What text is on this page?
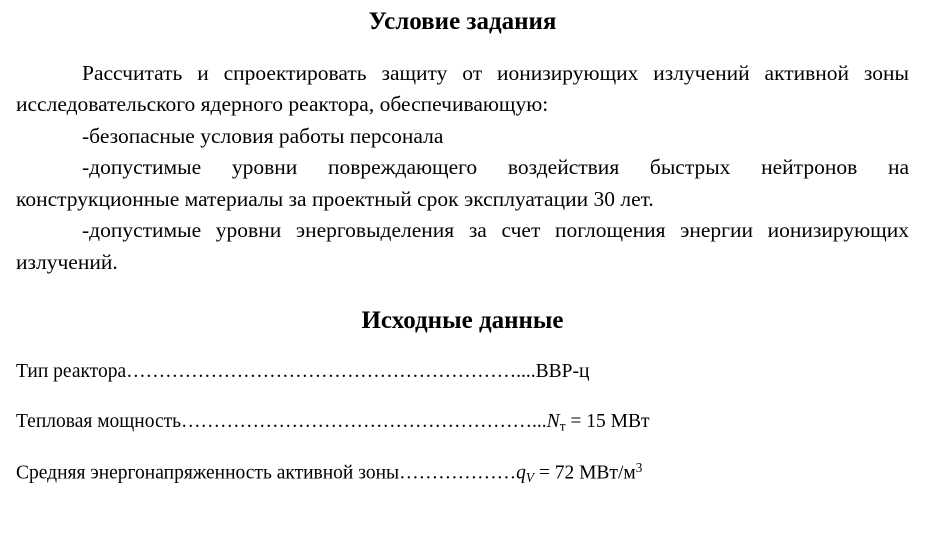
Условие задания

Рассчитать и спроектировать защиту от ионизирующих излучений активной зоны исследовательского ядерного реактора, обеспечивающую:

-безопасные условия работы персонала

-допустимые уровни повреждающего воздействия быстрых нейтронов на конструкционные материалы за проектный срок эксплуатации 30 лет.

-допустимые уровни энерговыделения за счет поглощения энергии ионизирующих излучений.

Исходные данные

Тип реактора……………………………………………………....ВВР-ц

Тепловая $мощность\dots\dots\dots\dots\dots\dots\dots\dots\dots\dots\dots\dots\dots\dots\dots\dots\dots\dots...N_т = 15$ МВт

Средняя энергонапряженность активной $зоны\dots\dots\dots\dots\dots\dots q_V = 72$ МВт/$м^3$
